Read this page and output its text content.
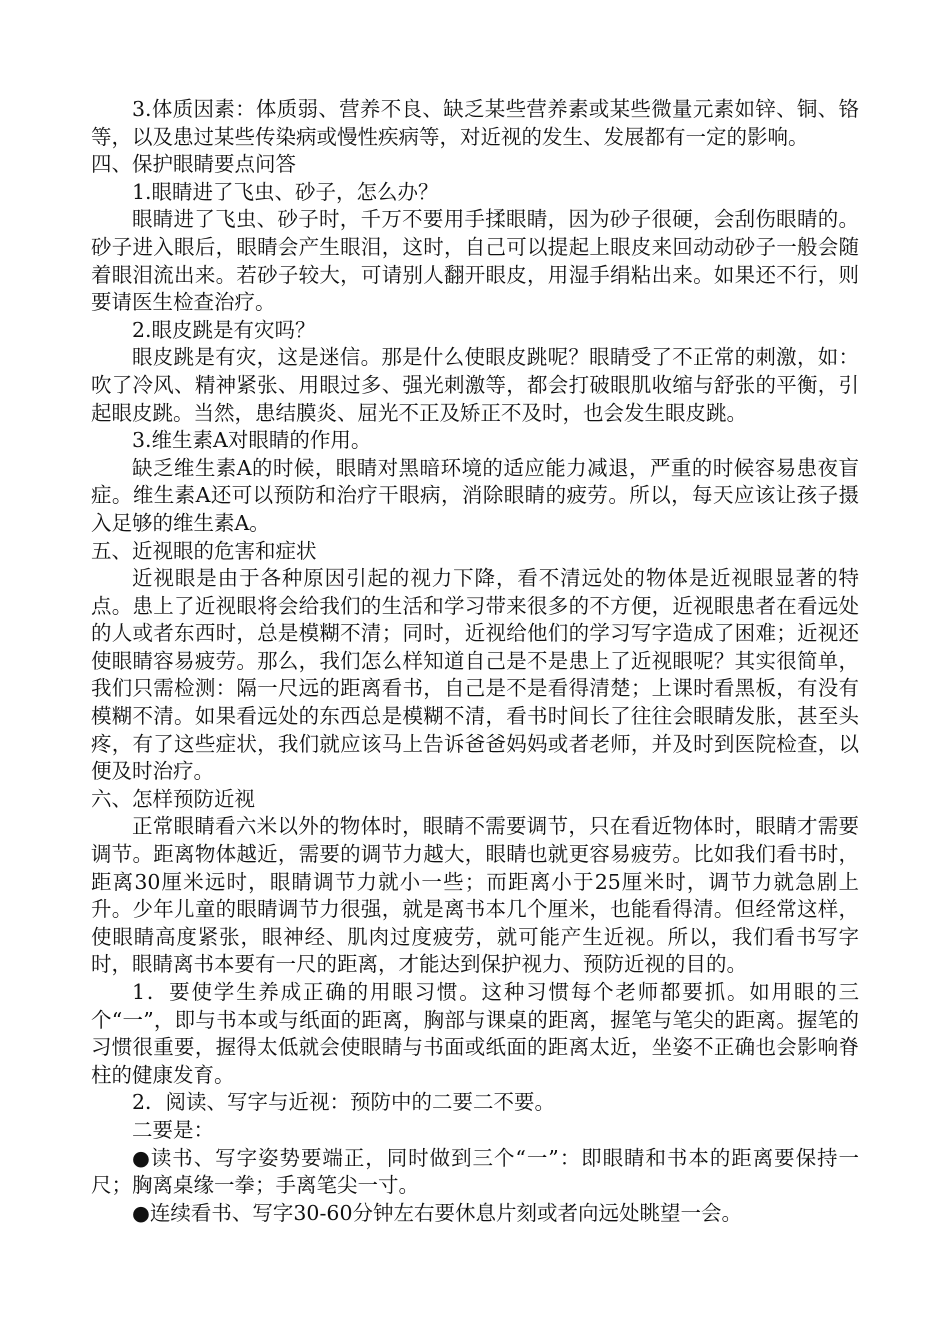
3.体质因素：体质弱、营养不良、缺乏某些营养素或某些微量元素如锌、铜、铬等，以及患过某些传染病或慢性疾病等，对近视的发生、发展都有一定的影响。

四、保护眼睛要点问答

1.眼睛进了飞虫、砂子，怎么办？

眼睛进了飞虫、砂子时，千万不要用手揉眼睛，因为砂子很硬，会刮伤眼睛的。砂子进入眼后，眼睛会产生眼泪，这时，自己可以提起上眼皮来回动动砂子一般会随着眼泪流出来。若砂子较大，可请别人翻开眼皮，用湿手绢粘出来。如果还不行，则要请医生检查治疗。

2.眼皮跳是有灾吗？

眼皮跳是有灾，这是迷信。那是什么使眼皮跳呢？眼睛受了不正常的刺激，如：吹了冷风、精神紧张、用眼过多、强光刺激等，都会打破眼肌收缩与舒张的平衡，引起眼皮跳。当然，患结膜炎、屈光不正及矫正不及时，也会发生眼皮跳。

3.维生素A对眼睛的作用。

缺乏维生素A的时候，眼睛对黑暗环境的适应能力减退，严重的时候容易患夜盲症。维生素A还可以预防和治疗干眼病，消除眼睛的疲劳。所以，每天应该让孩子摄入足够的维生素A。

五、近视眼的危害和症状

近视眼是由于各种原因引起的视力下降，看不清远处的物体是近视眼显著的特点。患上了近视眼将会给我们的生活和学习带来很多的不方便，近视眼患者在看远处的人或者东西时，总是模糊不清；同时，近视给他们的学习写字造成了困难；近视还使眼睛容易疲劳。那么，我们怎么样知道自己是不是患上了近视眼呢？其实很简单，我们只需检测：隔一尺远的距离看书，自己是不是看得清楚；上课时看黑板，有没有模糊不清。如果看远处的东西总是模糊不清，看书时间长了往往会眼睛发胀，甚至头疼，有了这些症状，我们就应该马上告诉爸爸妈妈或者老师，并及时到医院检查，以便及时治疗。

六、怎样预防近视

正常眼睛看六米以外的物体时，眼睛不需要调节，只在看近物体时，眼睛才需要调节。距离物体越近，需要的调节力越大，眼睛也就更容易疲劳。比如我们看书时，距离30厘米远时，眼睛调节力就小一些；而距离小于25厘米时，调节力就急剧上升。少年儿童的眼睛调节力很强，就是离书本几个厘米，也能看得清。但经常这样，使眼睛高度紧张，眼神经、肌肉过度疲劳，就可能产生近视。所以，我们看书写字时，眼睛离书本要有一尺的距离，才能达到保护视力、预防近视的目的。

1．要使学生养成正确的用眼习惯。这种习惯每个老师都要抓。如用眼的三个“一”，即与书本或与纸面的距离，胸部与课桌的距离，握笔与笔尖的距离。握笔的习惯很重要，握得太低就会使眼睛与书面或纸面的距离太近，坐姿不正确也会影响脊柱的健康发育。

2．阅读、写字与近视：预防中的二要二不要。

二要是：

●读书、写字姿势要端正，同时做到三个“一”：即眼睛和书本的距离要保持一尺；胸离桌缘一拳；手离笔尖一寸。

●连续看书、写字30-60分钟左右要休息片刻或者向远处眺望一会。
